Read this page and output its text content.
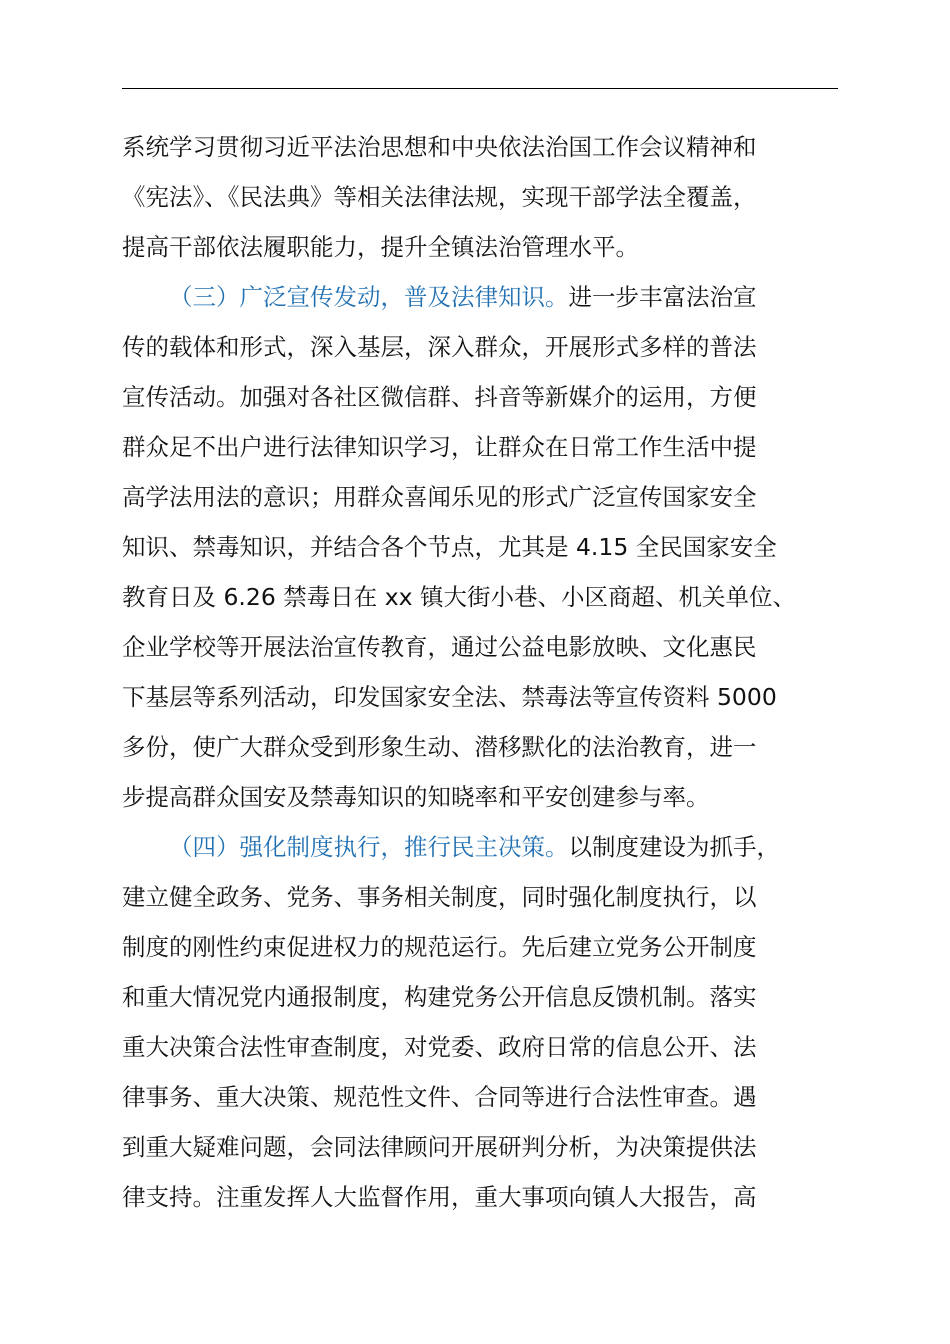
系统学习贯彻习近平法治思想和中央依法治国工作会议精神和
《宪法》、《民法典》等相关法律法规，实现干部学法全覆盖，
提高干部依法履职能力，提升全镇法治管理水平。
（三）广泛宣传发动，普及法律知识。进一步丰富法治宣
传的载体和形式，深入基层，深入群众，开展形式多样的普法
宣传活动。加强对各社区微信群、抖音等新媒介的运用，方便
群众足不出户进行法律知识学习，让群众在日常工作生活中提
高学法用法的意识；用群众喜闻乐见的形式广泛宣传国家安全
知识、禁毒知识，并结合各个节点，尤其是 4.15 全民国家安全
教育日及 6.26 禁毒日在 xx 镇大街小巷、小区商超、机关单位、
企业学校等开展法治宣传教育，通过公益电影放映、文化惠民
下基层等系列活动，印发国家安全法、禁毒法等宣传资料 5000
多份，使广大群众受到形象生动、潜移默化的法治教育，进一
步提高群众国安及禁毒知识的知晓率和平安创建参与率。
（四）强化制度执行，推行民主决策。以制度建设为抓手，
建立健全政务、党务、事务相关制度，同时强化制度执行，以
制度的刚性约束促进权力的规范运行。先后建立党务公开制度
和重大情况党内通报制度，构建党务公开信息反馈机制。落实
重大决策合法性审查制度，对党委、政府日常的信息公开、法
律事务、重大决策、规范性文件、合同等进行合法性审查。遇
到重大疑难问题，会同法律顾问开展研判分析，为决策提供法
律支持。注重发挥人大监督作用，重大事项向镇人大报告，高
